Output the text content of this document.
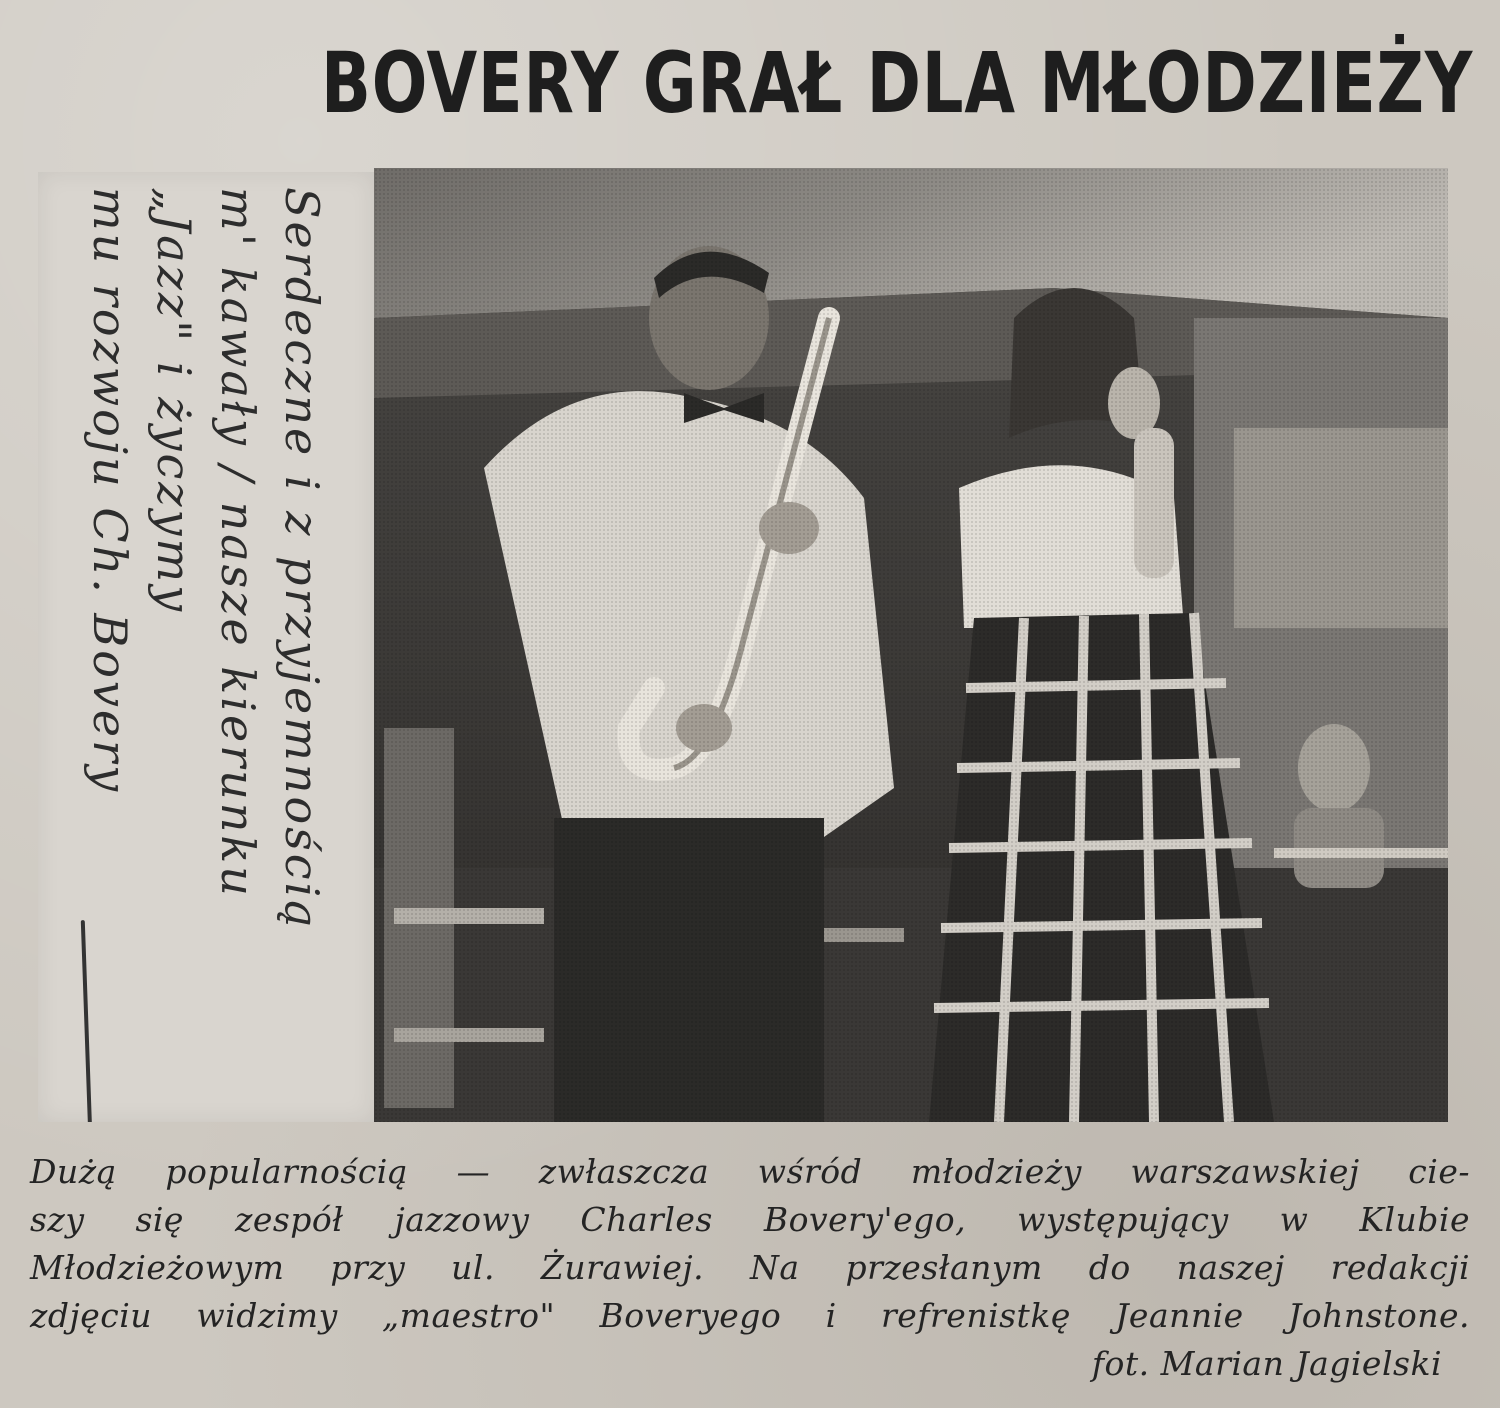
BOVERY GRAŁ DLA MŁODZIEŻY
Serdeczne i z przyjemnością
m' kawały / nasze kierunku
„Jazz" i życzymy
mu rozwoju Ch. Bovery
Dużą popularnością — zwłaszcza wśród młodzieży warszawskiej cie-
szy się zespół jazzowy Charles Bovery'ego, występujący w Klubie
Młodzieżowym przy ul. Żurawiej. Na przesłanym do naszej redakcji
zdjęciu widzimy „maestro" Boveryego i refrenistkę Jeannie Johnstone.
fot. Marian Jagielski
